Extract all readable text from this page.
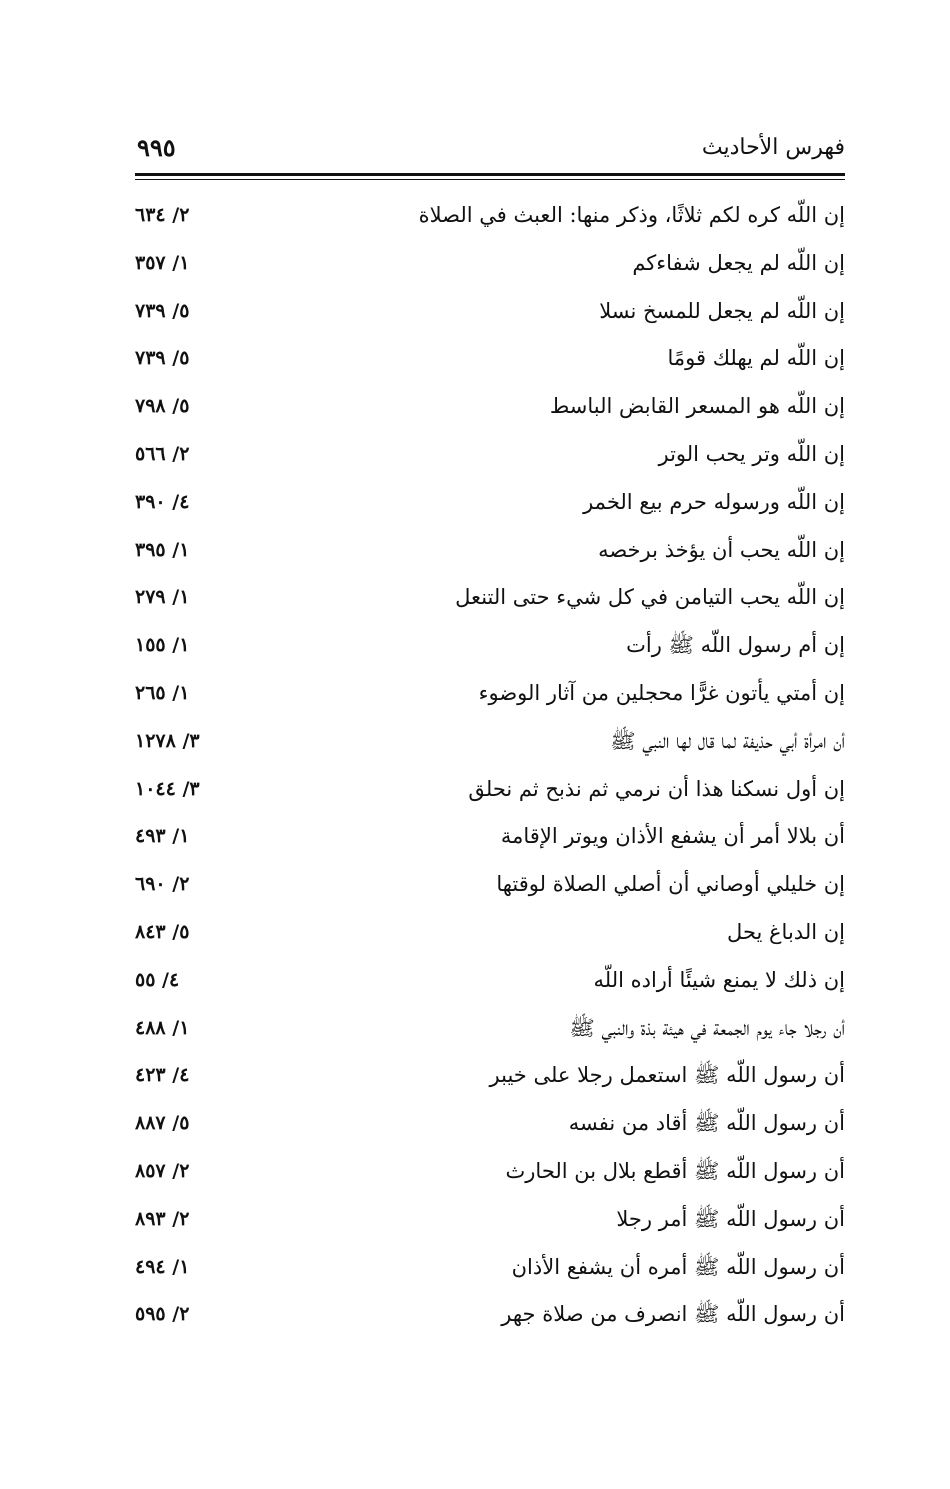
فهرس الأحاديث
٩٩٥
إن اللّه كره لكم ثلاثًا، وذكر منها: العبث في الصلاة
٢/ ٦٣٤
إن اللّه لم يجعل شفاءكم
١/ ٣٥٧
إن اللّه لم يجعل للمسخ نسلا
٥/ ٧٣٩
إن اللّه لم يهلك قومًا
٥/ ٧٣٩
إن اللّه هو المسعر القابض الباسط
٥/ ٧٩٨
إن اللّه وتر يحب الوتر
٢/ ٥٦٦
إن اللّه ورسوله حرم بيع الخمر
٤/ ٣٩٠
إن اللّه يحب أن يؤخذ برخصه
١/ ٣٩٥
إن اللّه يحب التيامن في كل شيء حتى التنعل
١/ ٢٧٩
إن أم رسول اللّه ﷺ رأت
١/ ١٥٥
إن أمتي يأتون غرًّا محجلين من آثار الوضوء
١/ ٢٦٥
أن امرأة أبي حذيفة لما قال لها النبي ﷺ
٣/ ١٢٧٨
إن أول نسكنا هذا أن نرمي ثم نذبح ثم نحلق
٣/ ١٠٤٤
أن بلالا أمر أن يشفع الأذان ويوتر الإقامة
١/ ٤٩٣
إن خليلي أوصاني أن أصلي الصلاة لوقتها
٢/ ٦٩٠
إن الدباغ يحل
٥/ ٨٤٣
إن ذلك لا يمنع شيئًا أراده اللّه
٤/ ٥٥
أن رجلا جاء يوم الجمعة في هيئة بذة والنبي ﷺ
١/ ٤٨٨
أن رسول اللّه ﷺ استعمل رجلا على خيبر
٤/ ٤٢٣
أن رسول اللّه ﷺ أقاد من نفسه
٥/ ٨٨٧
أن رسول اللّه ﷺ أقطع بلال بن الحارث
٢/ ٨٥٧
أن رسول اللّه ﷺ أمر رجلا
٢/ ٨٩٣
أن رسول اللّه ﷺ أمره أن يشفع الأذان
١/ ٤٩٤
أن رسول اللّه ﷺ انصرف من صلاة جهر
٢/ ٥٩٥
